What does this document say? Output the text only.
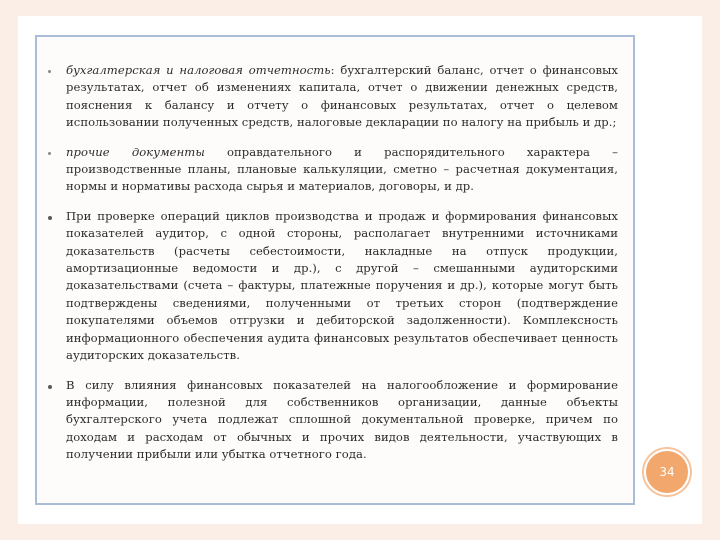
бухгалтерская и налоговая отчетность: бухгалтерский баланс, отчет о финансовых результатах, отчет об изменениях капитала, отчет о движении денежных средств, пояснения к балансу и отчету о финансовых результатах, отчет о целевом использовании полученных средств, налоговые декларации по налогу на прибыль и др.;
прочие документы оправдательного и распорядительного характера – производственные планы, плановые калькуляции, сметно – расчетная документация, нормы и нормативы расхода сырья и материалов, договоры, и др.
При проверке операций циклов производства и продаж и формирования финансовых показателей аудитор, с одной стороны, располагает внутренними источниками доказательств (расчеты себестоимости, накладные на отпуск продукции, амортизационные ведомости и др.), с другой – смешанными аудиторскими доказательствами (счета – фактуры, платежные поручения и др.), которые могут быть подтверждены сведениями, полученными от третьих сторон (подтверждение покупателями объемов отгрузки и дебиторской задолженности). Комплексность информационного обеспечения аудита финансовых результатов обеспечивает ценность аудиторских доказательств.
В силу влияния финансовых показателей на налогообложение и формирование информации, полезной для собственников организации, данные объекты бухгалтерского учета подлежат сплошной документальной проверке, причем по доходам и расходам от обычных и прочих видов деятельности, участвующих в получении прибыли или убытка отчетного года.
34
